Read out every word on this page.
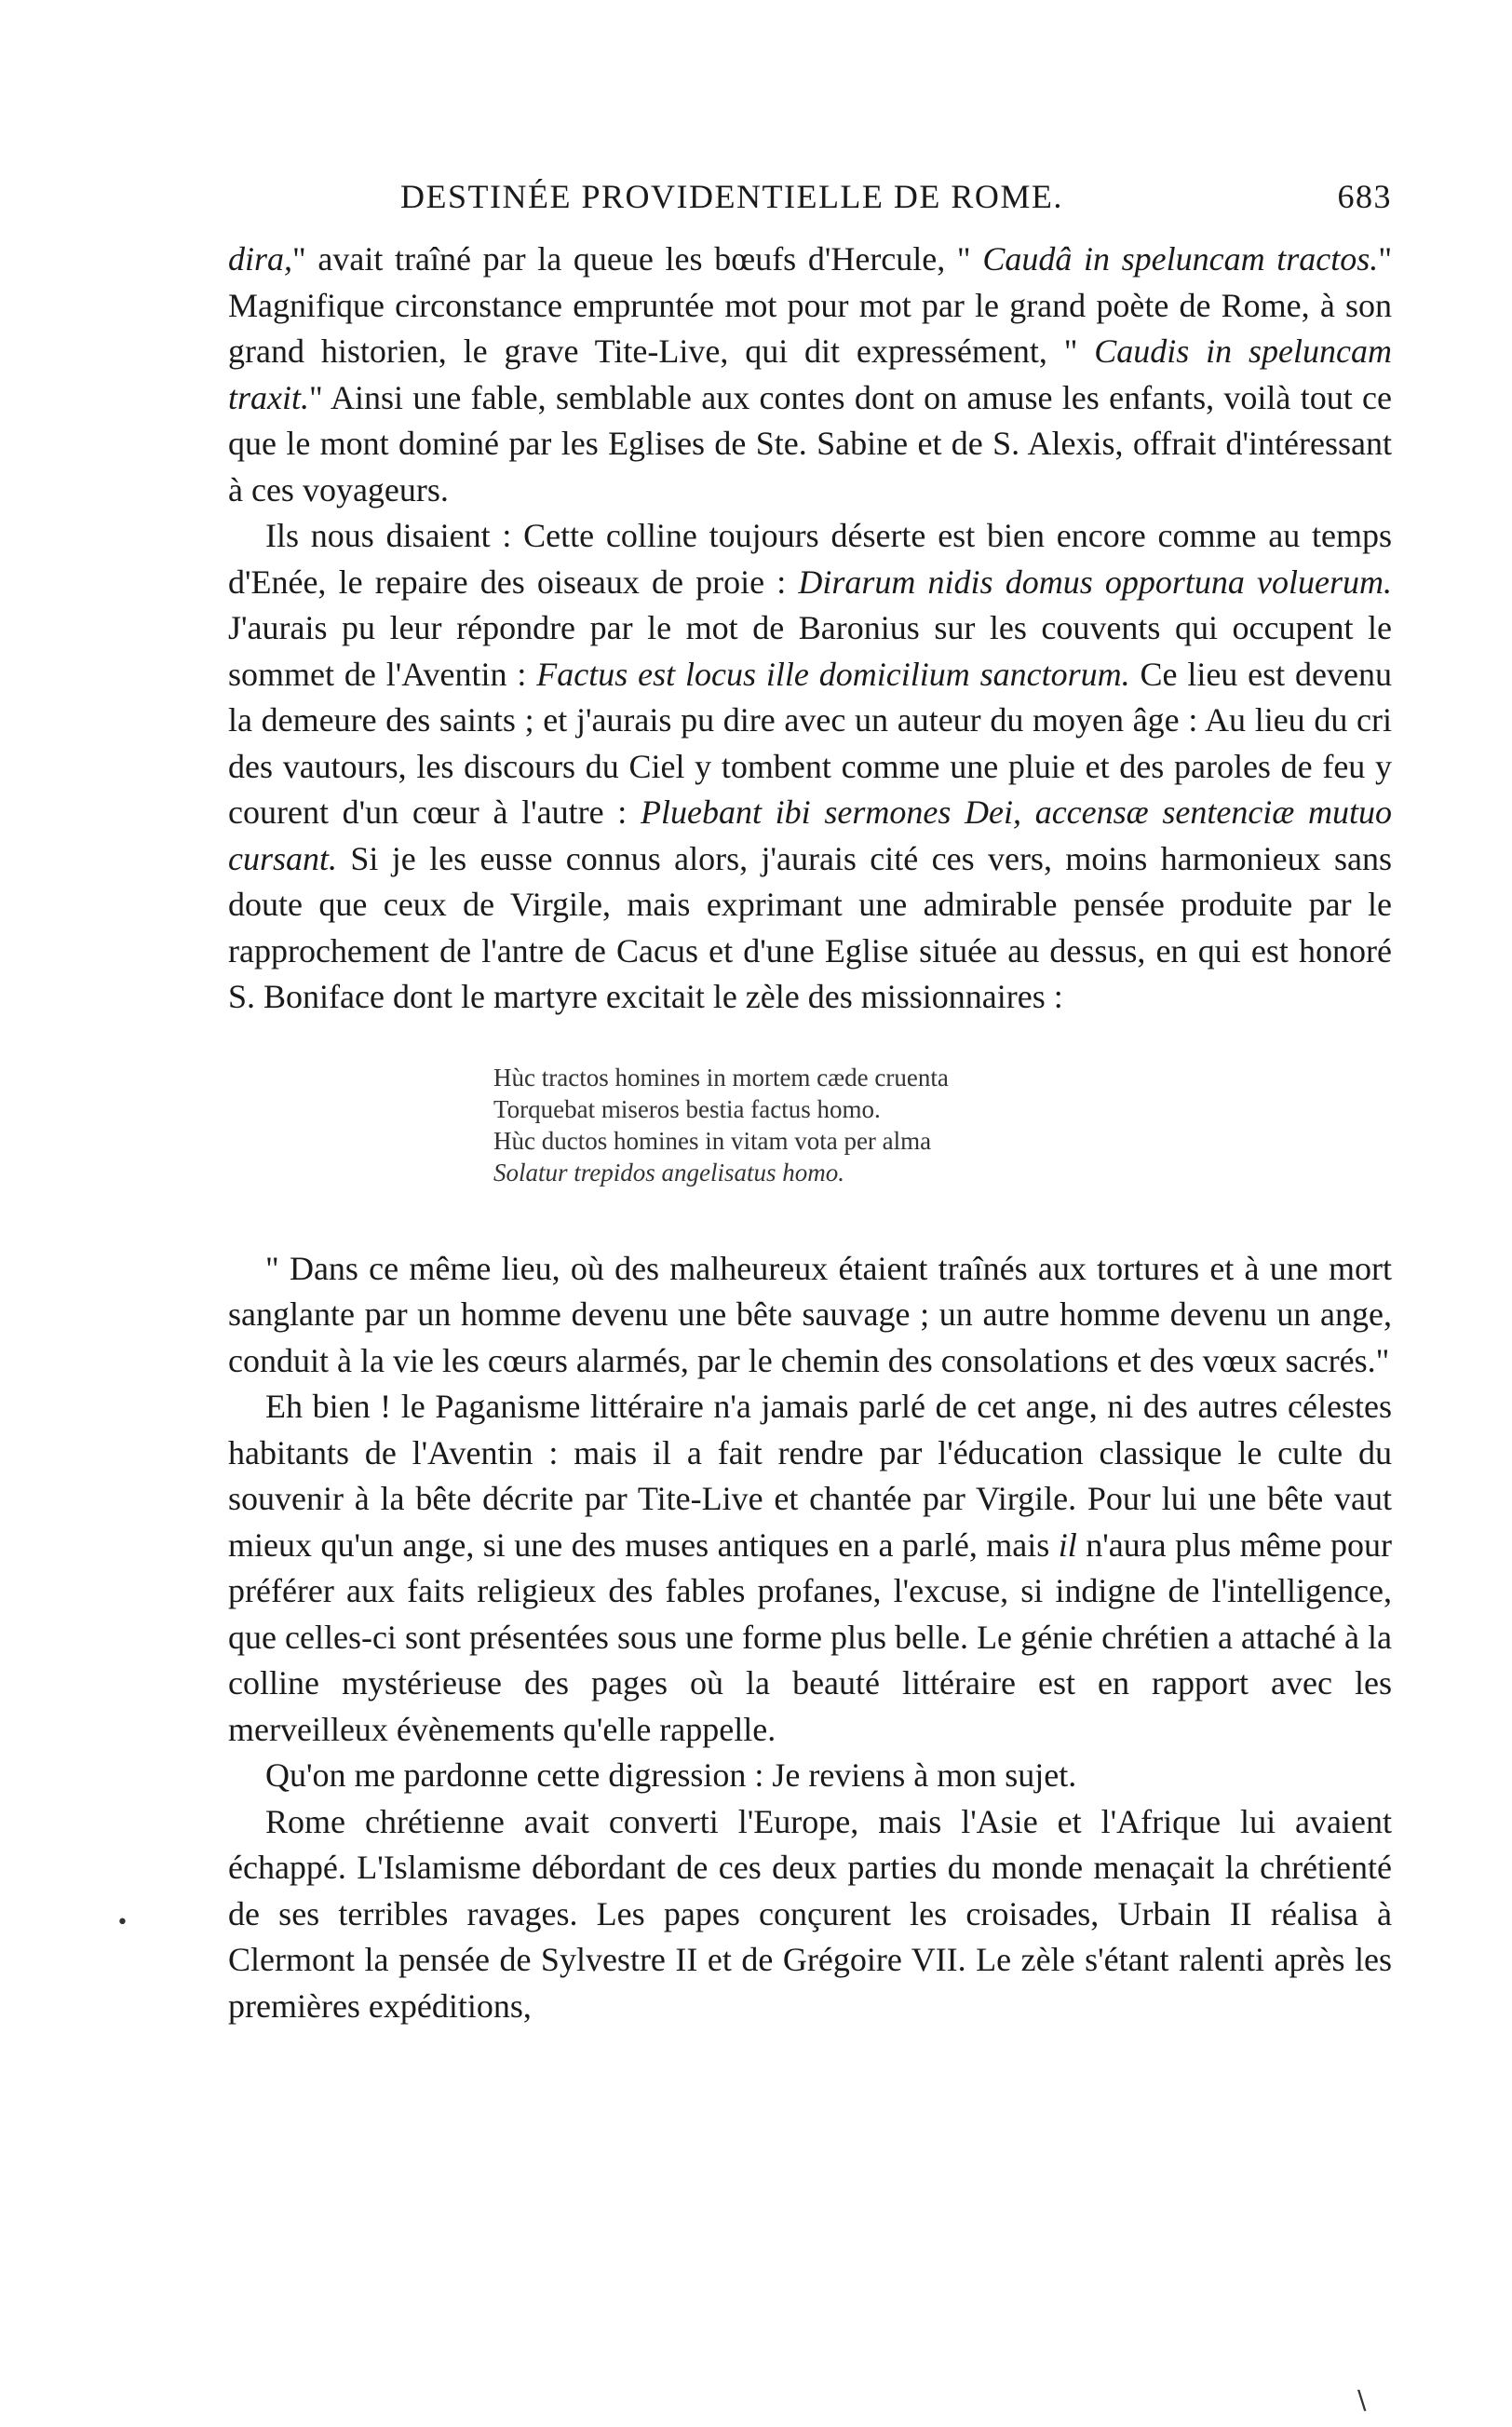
DESTINÉE PROVIDENTIELLE DE ROME.	683

dira," avait traîné par la queue les bœufs d'Hercule, " Caudâ in speluncam tractos." Magnifique circonstance empruntée mot pour mot par le grand poète de Rome, à son grand historien, le grave Tite-Live, qui dit expressément, " Caudis in speluncam traxit." Ainsi une fable, semblable aux contes dont on amuse les enfants, voilà tout ce que le mont dominé par les Eglises de Ste. Sabine et de S. Alexis, offrait d'intéressant à ces voyageurs.

Ils nous disaient : Cette colline toujours déserte est bien encore comme au temps d'Enée, le repaire des oiseaux de proie : Dirarum nidis domus opportuna voluerum. J'aurais pu leur répondre par le mot de Baronius sur les couvents qui occupent le sommet de l'Aventin : Factus est locus ille domicilium sanctorum. Ce lieu est devenu la demeure des saints ; et j'aurais pu dire avec un auteur du moyen âge : Au lieu du cri des vautours, les discours du Ciel y tombent comme une pluie et des paroles de feu y courent d'un cœur à l'autre : Pluebant ibi sermones Dei, accensæ sentenciæ mutuo cursant. Si je les eusse connus alors, j'aurais cité ces vers, moins harmonieux sans doute que ceux de Virgile, mais exprimant une admirable pensée produite par le rapprochement de l'antre de Cacus et d'une Eglise située au dessus, en qui est honoré S. Boniface dont le martyre excitait le zèle des missionnaires :

Hùc tractos homines in mortem cæde cruenta
Torquebat miseros bestia factus homo.
Hùc ductos homines in vitam vota per alma
Solatur trepidos angelisatus homo.

" Dans ce même lieu, où des malheureux étaient traînés aux tortures et à une mort sanglante par un homme devenu une bête sauvage ; un autre homme devenu un ange, conduit à la vie les cœurs alarmés, par le chemin des consolations et des vœux sacrés."

Eh bien ! le Paganisme littéraire n'a jamais parlé de cet ange, ni des autres célestes habitants de l'Aventin : mais il a fait rendre par l'éducation classique le culte du souvenir à la bête décrite par Tite-Live et chantée par Virgile. Pour lui une bête vaut mieux qu'un ange, si une des muses antiques en a parlé, mais il n'aura plus même pour préférer aux faits religieux des fables profanes, l'excuse, si indigne de l'intelligence, que celles-ci sont présentées sous une forme plus belle. Le génie chrétien a attaché à la colline mystérieuse des pages où la beauté littéraire est en rapport avec les merveilleux évènements qu'elle rappelle.

Qu'on me pardonne cette digression : Je reviens à mon sujet.

Rome chrétienne avait converti l'Europe, mais l'Asie et l'Afrique lui avaient échappé. L'Islamisme débordant de ces deux parties du monde menaçait la chrétienté de ses terribles ravages. Les papes conçurent les croisades, Urbain II réalisa à Clermont la pensée de Sylvestre II et de Grégoire VII. Le zèle s'étant ralenti après les premières expéditions,

•
\
